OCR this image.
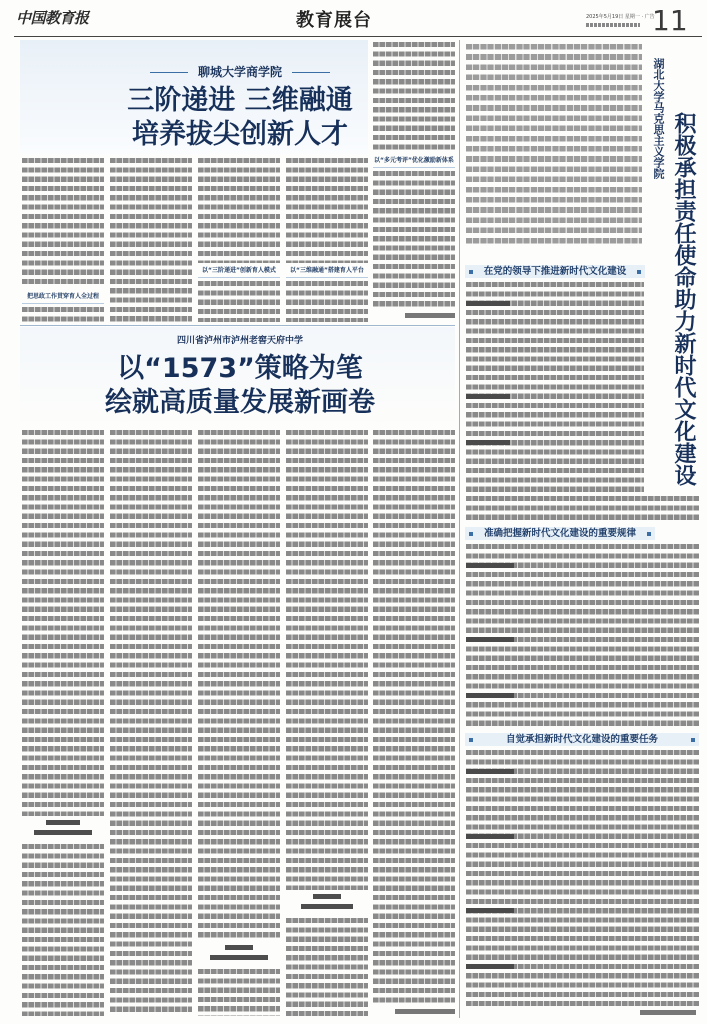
中国教育报	教育展台	2025年5月19日 星期一 · 广告
11
聊城大学商学院
三阶递进 三维融通
培养拔尖创新人才
把思政工作贯穿育人全过程
以“三阶递进”创新育人模式	以“三维融通”搭建育人平台
以“多元考评”优化激励新体系
四川省泸州市泸州老窖天府中学
以“1573”策略为笔
绘就高质量发展新画卷
湖北大学马克思主义学院 积极承担责任使命助力新时代文化建设
在党的领导下推进新时代文化建设
准确把握新时代文化建设的重要规律
自觉承担新时代文化建设的重要任务
